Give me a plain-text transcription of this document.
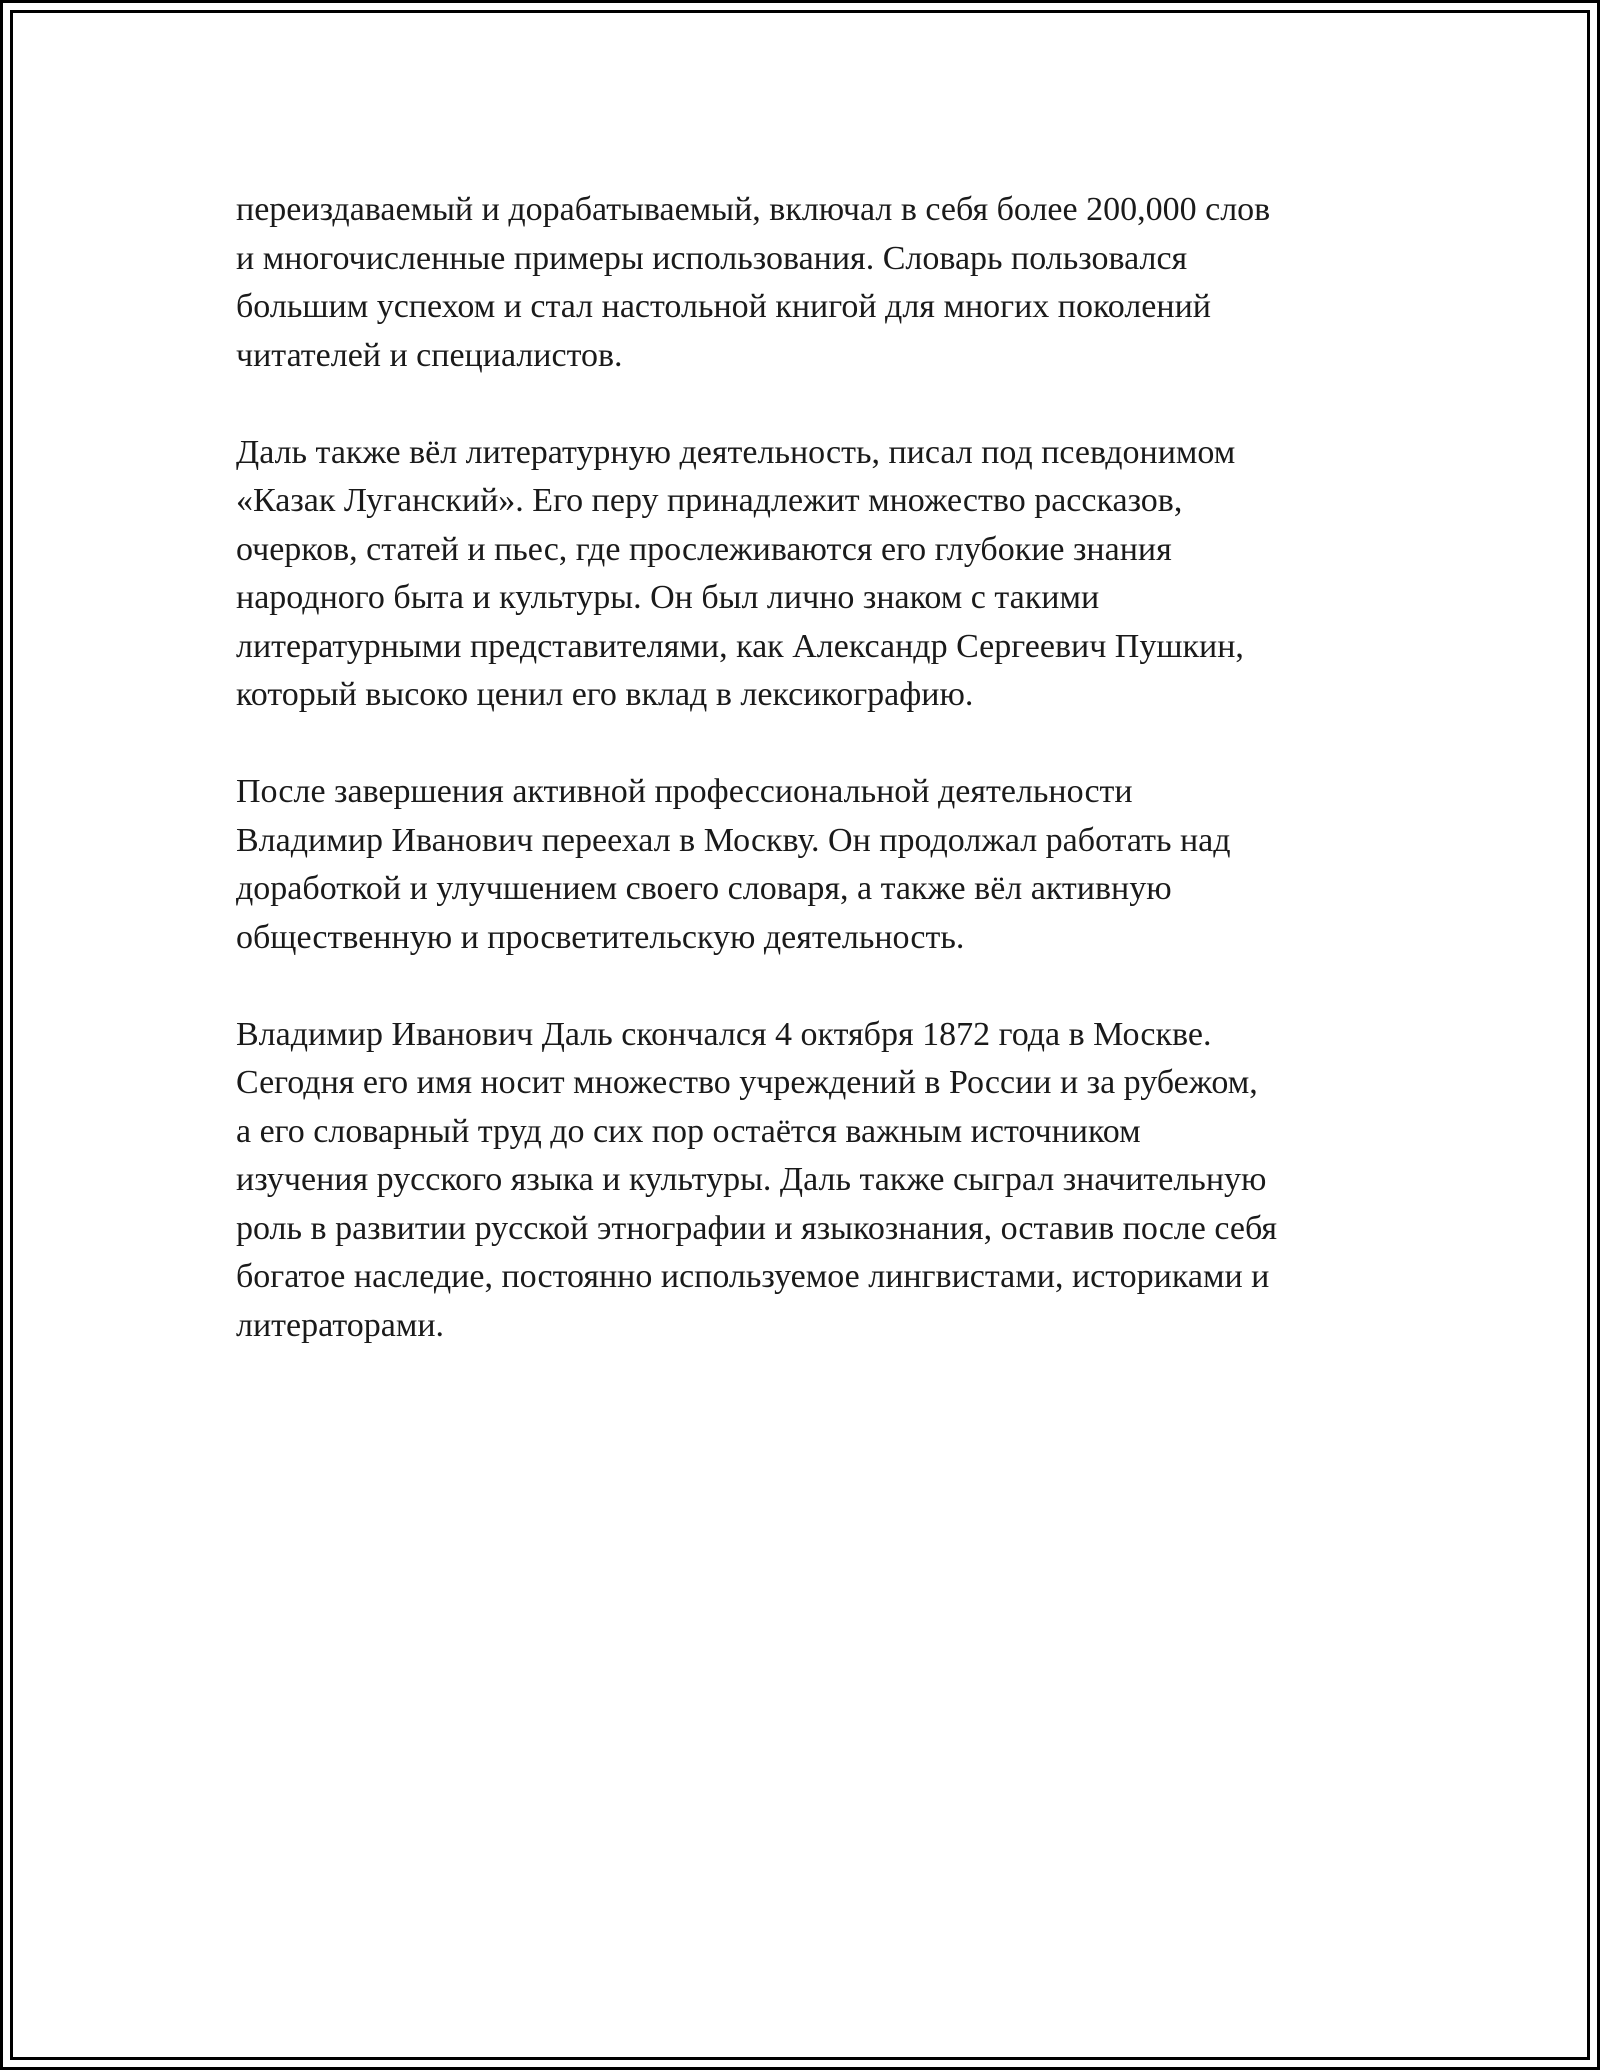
переиздаваемый и дорабатываемый, включал в себя более 200,000 слов
и многочисленные примеры использования. Словарь пользовался
большим успехом и стал настольной книгой для многих поколений
читателей и специалистов.

Даль также вёл литературную деятельность, писал под псевдонимом
«Казак Луганский». Его перу принадлежит множество рассказов,
очерков, статей и пьес, где прослеживаются его глубокие знания
народного быта и культуры. Он был лично знаком с такими
литературными представителями, как Александр Сергеевич Пушкин,
который высоко ценил его вклад в лексикографию.

После завершения активной профессиональной деятельности
Владимир Иванович переехал в Москву. Он продолжал работать над
доработкой и улучшением своего словаря, а также вёл активную
общественную и просветительскую деятельность.

Владимир Иванович Даль скончался 4 октября 1872 года в Москве.
Сегодня его имя носит множество учреждений в России и за рубежом,
а его словарный труд до сих пор остаётся важным источником
изучения русского языка и культуры. Даль также сыграл значительную
роль в развитии русской этнографии и языкознания, оставив после себя
богатое наследие, постоянно используемое лингвистами, историками и
литераторами.
